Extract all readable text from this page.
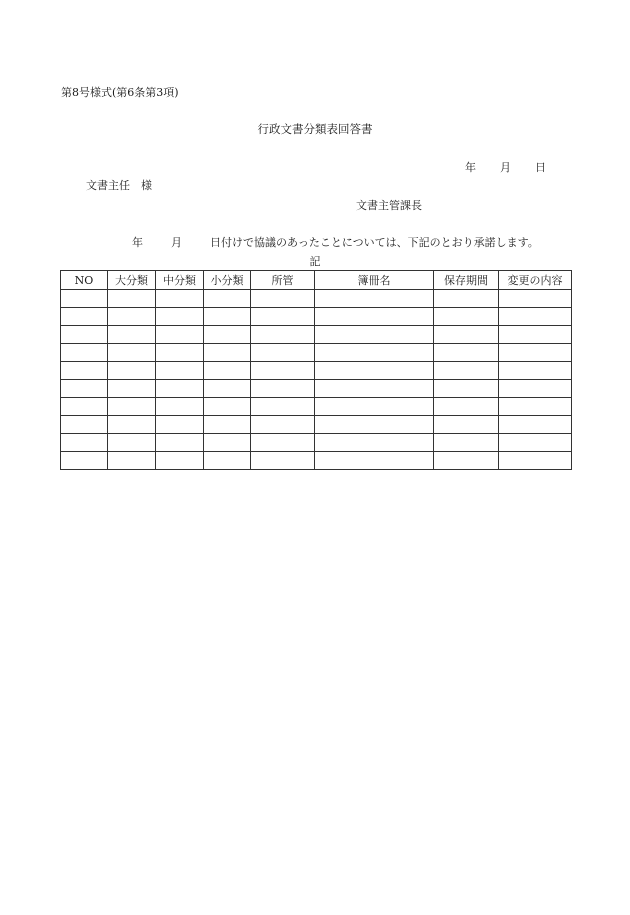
第8号様式(第6条第3項)
行政文書分類表回答書
年 月 日
文書主任　様
文書主管課長
年	月	日付けで協議のあったことについては、下記のとおり承諾します。
記
NO	大分類	中分類	小分類	所管	簿冊名	保存期間	変更の内容
